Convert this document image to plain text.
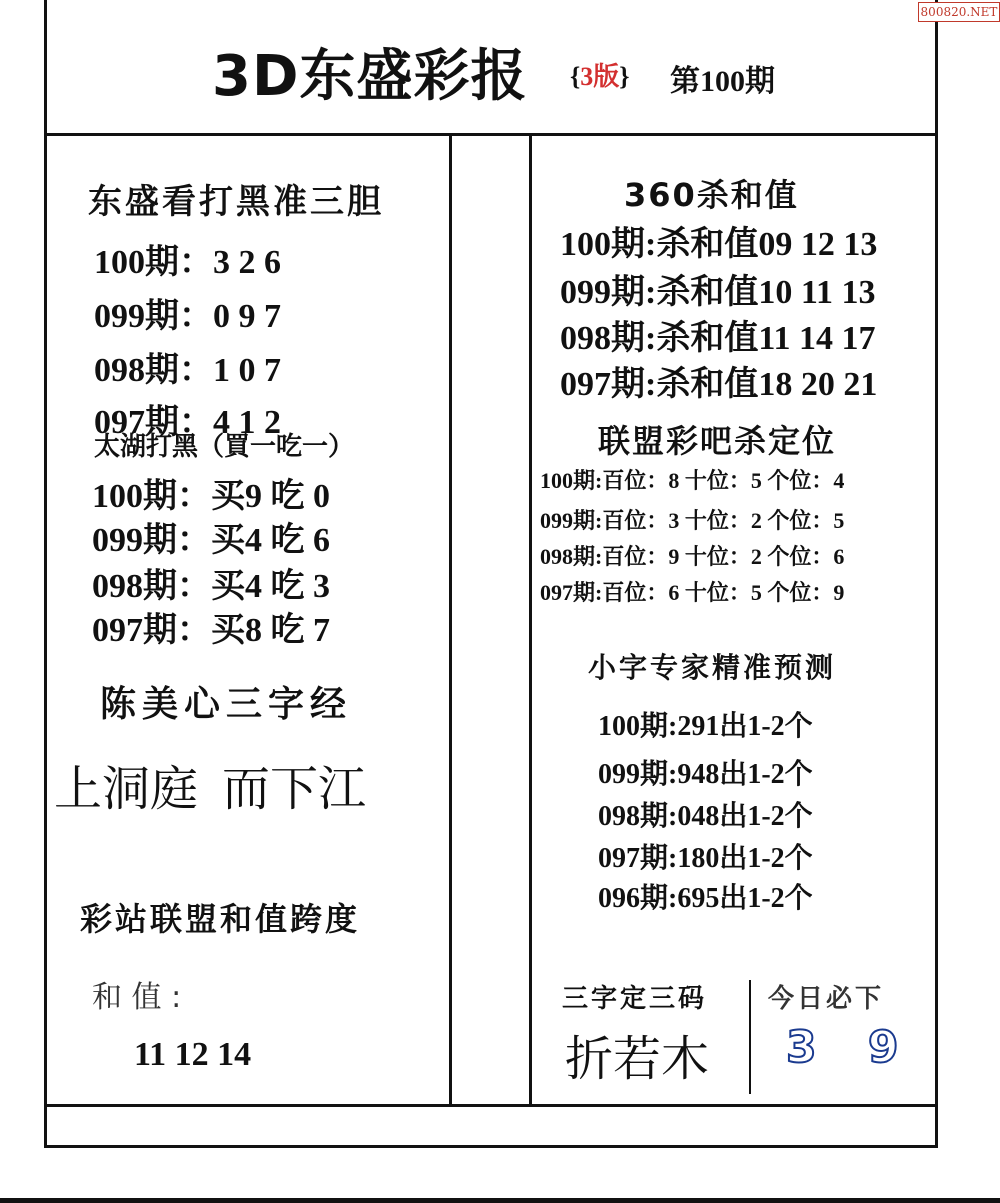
800820.NET
3D东盛彩报 {3版} 第100期
东盛看打黑准三胆
100期：3 2 6
099期：0 9 7
098期：1 0 7
097期：4 1 2
太湖打黑（買一吃一）
100期：买9 吃 0
099期：买4 吃 6
098期：买4 吃 3
097期：买8 吃 7
陈美心三字经
上洞庭  而下江
彩站联盟和值跨度
和 值 :
11 12 14
360杀和值
100期:杀和值09 12 13
099期:杀和值10 11 13
098期:杀和值11 14 17
097期:杀和值18 20 21
联盟彩吧杀定位
100期:百位：8 十位：5 个位：4
099期:百位：3 十位：2 个位：5
098期:百位：9 十位：2 个位：6
097期:百位：6 十位：5 个位：9
小字专家精准预测
100期:291出1-2个
099期:948出1-2个
098期:048出1-2个
097期:180出1-2个
096期:695出1-2个
三字定三码 今日必下
折若木 3 9
